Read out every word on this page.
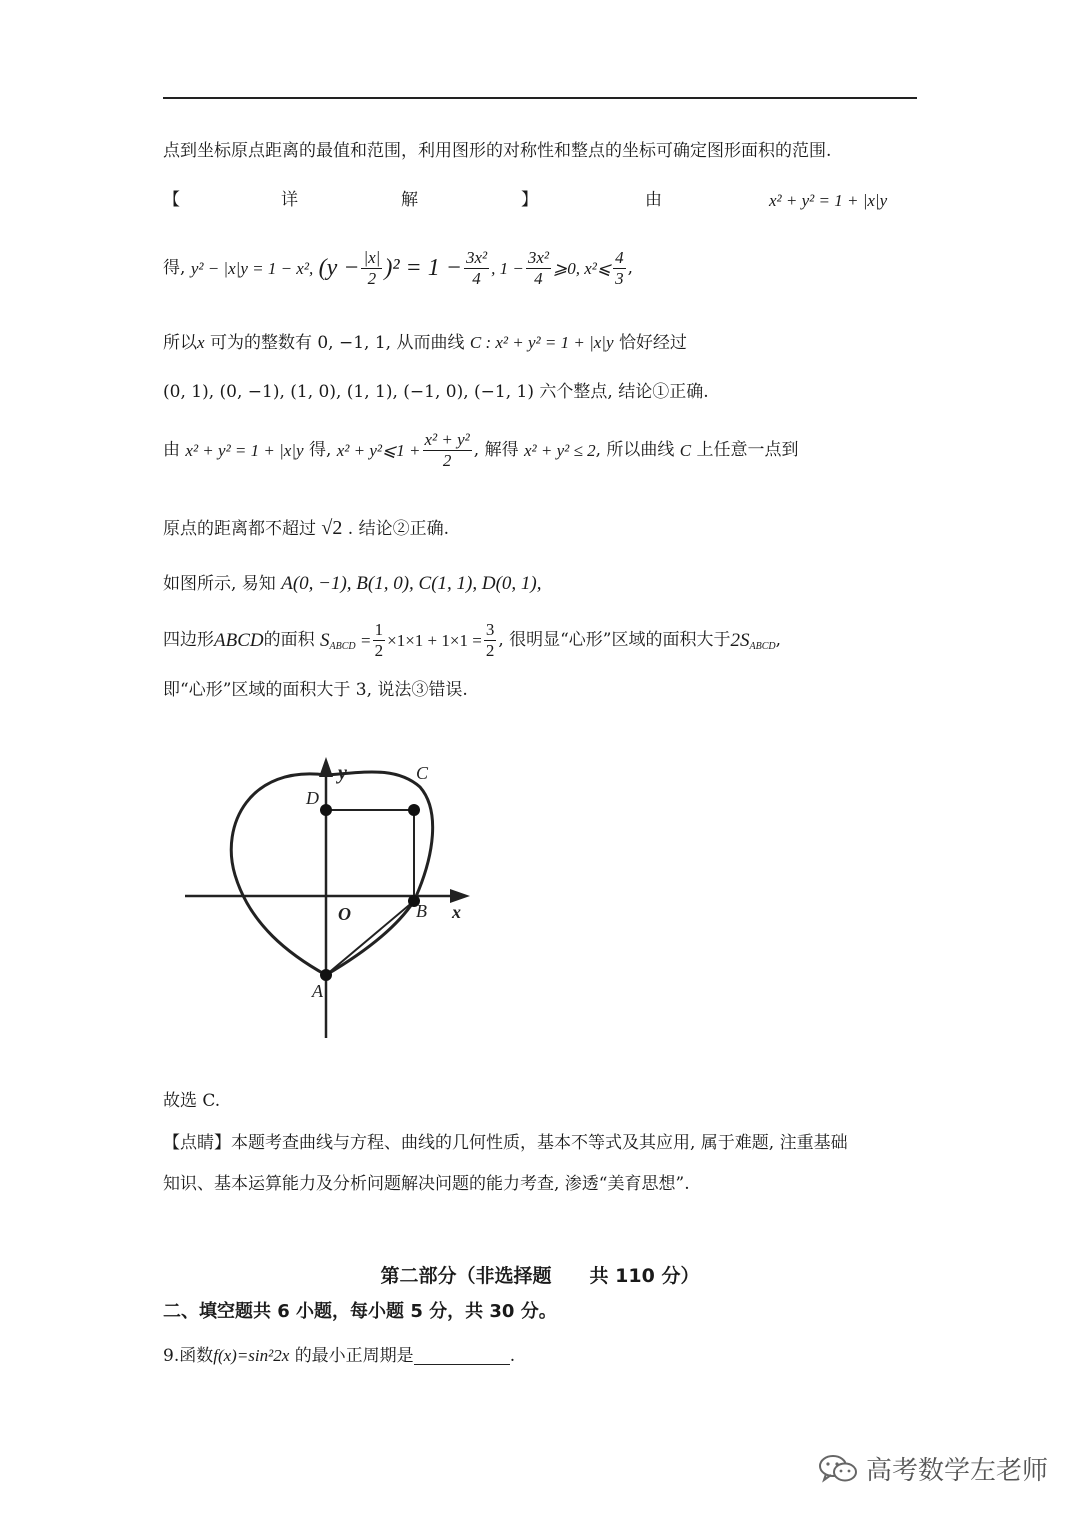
点到坐标原点距离的最值和范围，利用图形的对称性和整点的坐标可确定图形面积的范围.
【	详	解	】	由	x² + y² = 1 + |x|y
得,
y² − |x|y = 1 − x²,
$(y - \frac{|x|}{2} )^2 = 1 - \frac{\text{3x²}}{4}$ , $1 - \frac{\text{3x²}}{4}$ ⩾0, x²⩽ $\frac{4}{3}$ ,
所以x 可为的整数有 0, −1, 1, 从而曲线 C : x² + y² = 1 + |x|y 恰好经过
(0, 1), (0, −1), (1, 0), (1, 1), (−1, 0), (−1, 1) 六个整点, 结论①正确.
由
x² + y² = 1 + |x|y
得,
x² + y²⩽1 + $\frac{\text{x² + y²}}{2}$ , 解得
x² + y² ≤ 2 , 所以曲线
C
上任意一点到
原点的距离都不超过 √2 . 结论②正确.
如图所示, 易知 A(0, −1), B(1, 0), C(1, 1), D(0, 1),
四边形 ABCD 的面积
S ABCD
= $\frac{1}{2} \times 1\times 1 + 1\times 1 = \frac{3}{2}$ , 很明显“心形”区域的面积大于 2S ABCD ,
即“心形”区域的面积大于 3, 说法③错误.
y
D
C
O	B x
A
故选 C.
【点睛】本题考查曲线与方程、曲线的几何性质，基本不等式及其应用, 属于难题, 注重基础
知识、基本运算能力及分析问题解决问题的能力考查, 渗透“美育思想”.
第二部分（非选择题　　共 110 分）
二、填空题共 6 小题，每小题 5 分，共 30 分。
9.函数f(x)=sin²2x 的最小正周期是	.
高考数学左老师
